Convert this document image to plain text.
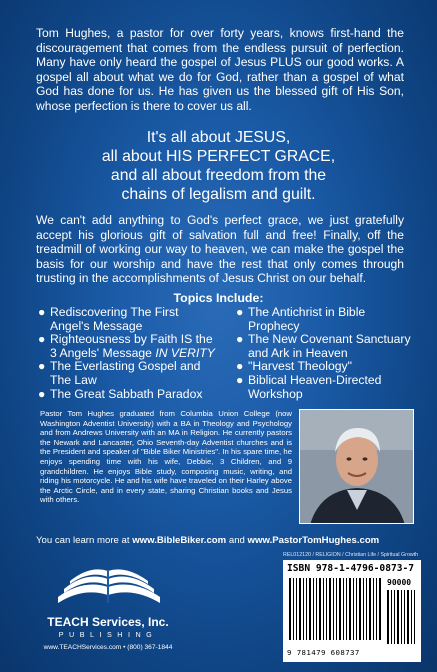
Tom Hughes, a pastor for over forty years, knows first-hand the discouragement that comes from the endless pursuit of perfection. Many have only heard the gospel of Jesus PLUS our good works. A gospel all about what we do for God, rather than a gospel of what God has done for us. He has given us the blessed gift of His Son, whose perfection is there to cover us all.

It's all about JESUS,
all about HIS PERFECT GRACE,
and all about freedom from the
chains of legalism and guilt.

We can't add anything to God's perfect grace, we just gratefully accept his glorious gift of salvation full and free! Finally, off the treadmill of working our way to heaven, we can make the gospel the basis for our worship and have the rest that only comes through trusting in the accomplishments of Jesus Christ on our behalf.

Topics Include:
● Rediscovering The First
Angel's Message
● Righteousness by Faith IS the
3 Angels' Message IN VERITY
● The Everlasting Gospel and
The Law
● The Great Sabbath Paradox
● The Antichrist in Bible
Prophecy
● The New Covenant Sanctuary
and Ark in Heaven
● "Harvest Theology"
● Biblical Heaven-Directed
Workshop

Pastor Tom Hughes graduated from Columbia Union College (now Washington Adventist University) with a BA in Theology and Psychology and from Andrews University with an MA in Religion. He currently pastors the Newark and Lancaster, Ohio Seventh-day Adventist churches and is the President and speaker of "Bible Biker Ministries". In his spare time, he enjoys spending time with his wife, Debbie, 3 Children, and 9 grandchildren. He enjoys Bible study, composing music, writing, and riding his motorcycle. He and his wife have traveled on their Harley above the Arctic Circle, and in every state, sharing Christian books and Jesus with others.

You can learn more at www.BibleBiker.com and www.PastorTomHughes.com
TEACH Services, Inc.
PUBLISHING
www.TEACHServices.com • (800) 367-1844
REL012120 / RELIGION / Christian Life / Spiritual Growth
ISBN 978-1-4796-0873-7
90000
9 781479 608737
